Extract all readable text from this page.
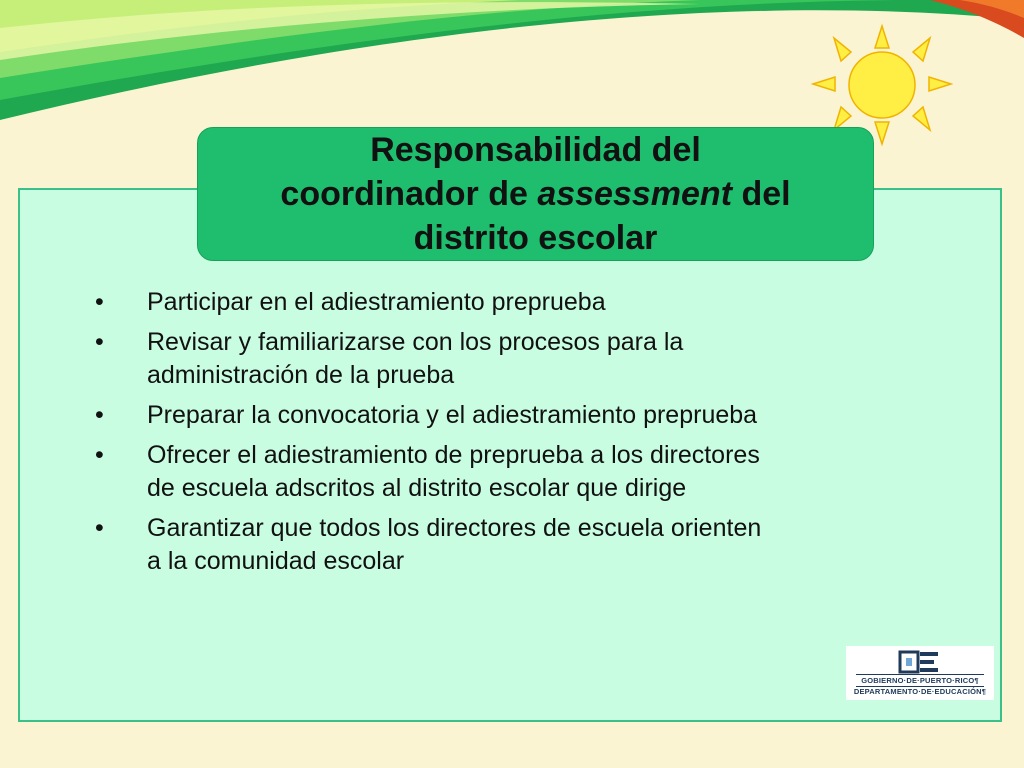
Responsabilidad del
coordinador de assessment del
distrito escolar
• Participar en el adiestramiento preprueba
• Revisar y familiarizarse con los procesos para la
administración de la prueba
• Preparar la convocatoria y el adiestramiento preprueba
• Ofrecer el adiestramiento de preprueba a los directores
de escuela adscritos al distrito escolar que dirige
• Garantizar que todos los directores de escuela orienten
a la comunidad escolar
GOBIERNO·DE·PUERTO·RICO¶
DEPARTAMENTO·DE·EDUCACIÓN¶
